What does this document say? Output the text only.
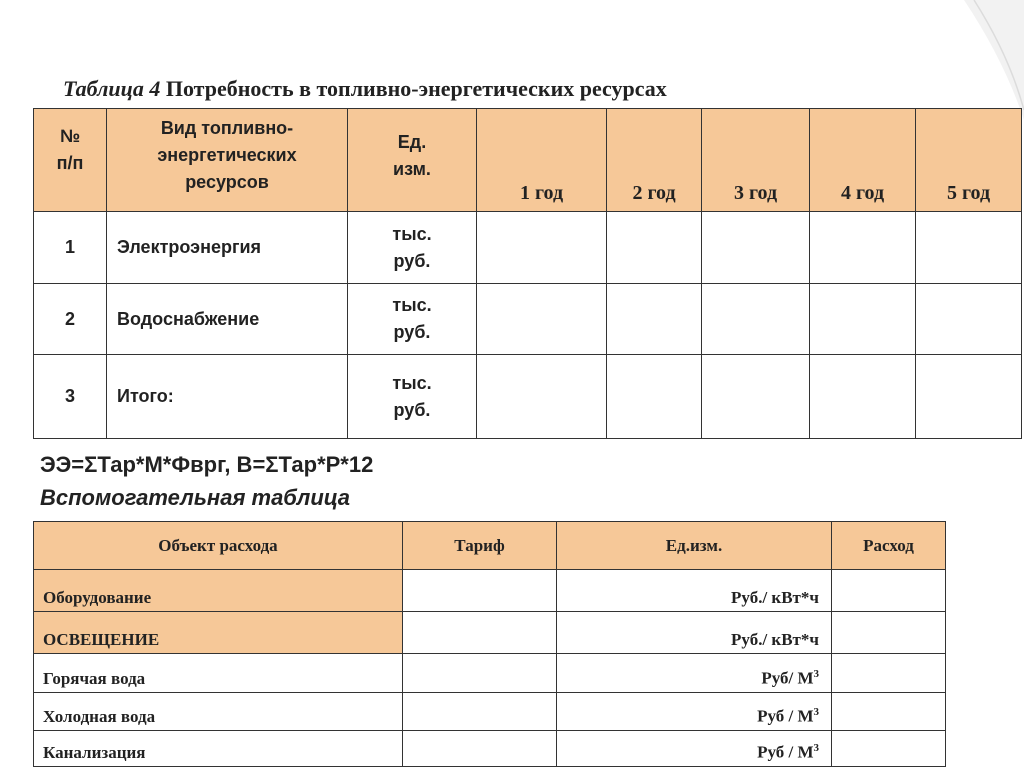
Таблица 4 Потребность в топливно-энергетических ресурсах
№
п/п	Вид топливно-
энергетических
ресурсов	Ед.
изм.	1 год	2 год	3 год	4 год	5 год
1	Электроэнергия	тыс.
руб.					
2	Водоснабжение	тыс.
руб.					
3	Итого:	тыс.
руб.					

ЭЭ=ΣТар*М*Фврг, В=ΣТар*Р*12

Вспомогательная таблица

Объект расхода	Тариф	Ед.изм.	Расход
Оборудование		Руб./ кВт*ч	
ОСВЕЩЕНИЕ		Руб./ кВт*ч	
Горячая вода		Руб/ $М^3$	
Холодная вода		Руб / $М^3$	
Канализация		Руб / $М^3$	
